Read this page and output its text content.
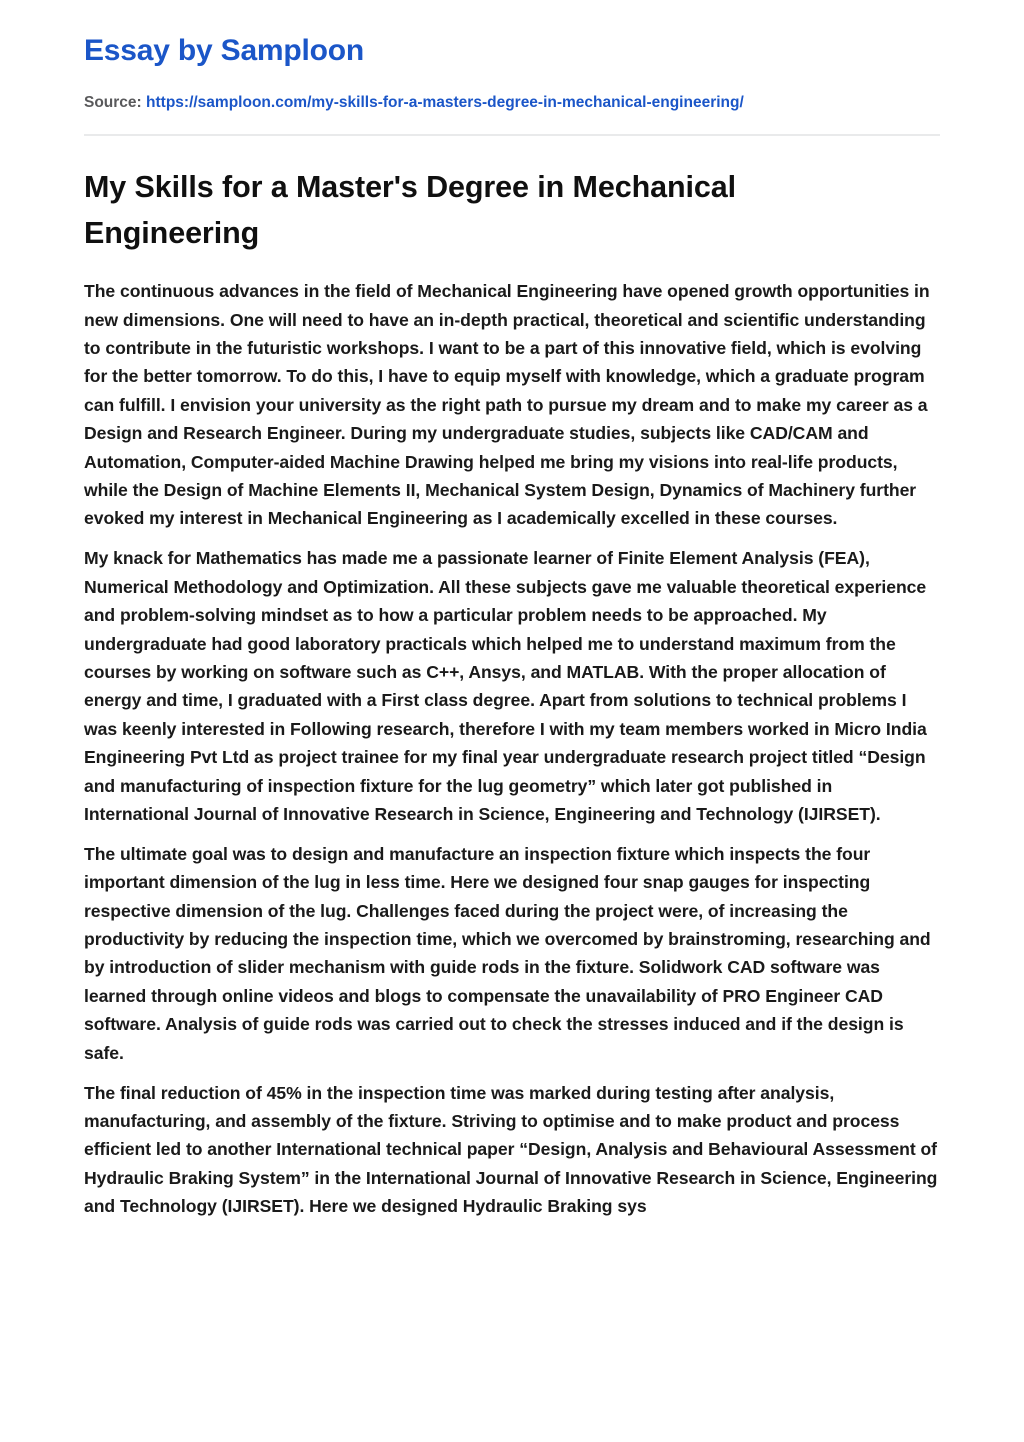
Essay by Samploon
Source: https://samploon.com/my-skills-for-a-masters-degree-in-mechanical-engineering/
My Skills for a Master's Degree in Mechanical Engineering

The continuous advances in the field of Mechanical Engineering have opened growth opportunities in new dimensions. One will need to have an in-depth practical, theoretical and scientific understanding to contribute in the futuristic workshops. I want to be a part of this innovative field, which is evolving for the better tomorrow. To do this, I have to equip myself with knowledge, which a graduate program can fulfill. I envision your university as the right path to pursue my dream and to make my career as a Design and Research Engineer. During my undergraduate studies, subjects like CAD/CAM and Automation, Computer-aided Machine Drawing helped me bring my visions into real-life products, while the Design of Machine Elements II, Mechanical System Design, Dynamics of Machinery further evoked my interest in Mechanical Engineering as I academically excelled in these courses.

My knack for Mathematics has made me a passionate learner of Finite Element Analysis (FEA), Numerical Methodology and Optimization. All these subjects gave me valuable theoretical experience and problem-solving mindset as to how a particular problem needs to be approached. My undergraduate had good laboratory practicals which helped me to understand maximum from the courses by working on software such as C++, Ansys, and MATLAB. With the proper allocation of energy and time, I graduated with a First class degree. Apart from solutions to technical problems I was keenly interested in Following research, therefore I with my team members worked in Micro India Engineering Pvt Ltd as project trainee for my final year undergraduate research project titled “Design and manufacturing of inspection fixture for the lug geometry” which later got published in International Journal of Innovative Research in Science, Engineering and Technology (IJIRSET).

The ultimate goal was to design and manufacture an inspection fixture which inspects the four important dimension of the lug in less time. Here we designed four snap gauges for inspecting respective dimension of the lug. Challenges faced during the project were, of increasing the productivity by reducing the inspection time, which we overcomed by brainstroming, researching and by introduction of slider mechanism with guide rods in the fixture. Solidwork CAD software was learned through online videos and blogs to compensate the unavailability of PRO Engineer CAD software. Analysis of guide rods was carried out to check the stresses induced and if the design is safe.

The final reduction of 45% in the inspection time was marked during testing after analysis, manufacturing, and assembly of the fixture. Striving to optimise and to make product and process efficient led to another International technical paper “Design, Analysis and Behavioural Assessment of Hydraulic Braking System” in the International Journal of Innovative Research in Science, Engineering and Technology (IJIRSET). Here we designed Hydraulic Braking sys
